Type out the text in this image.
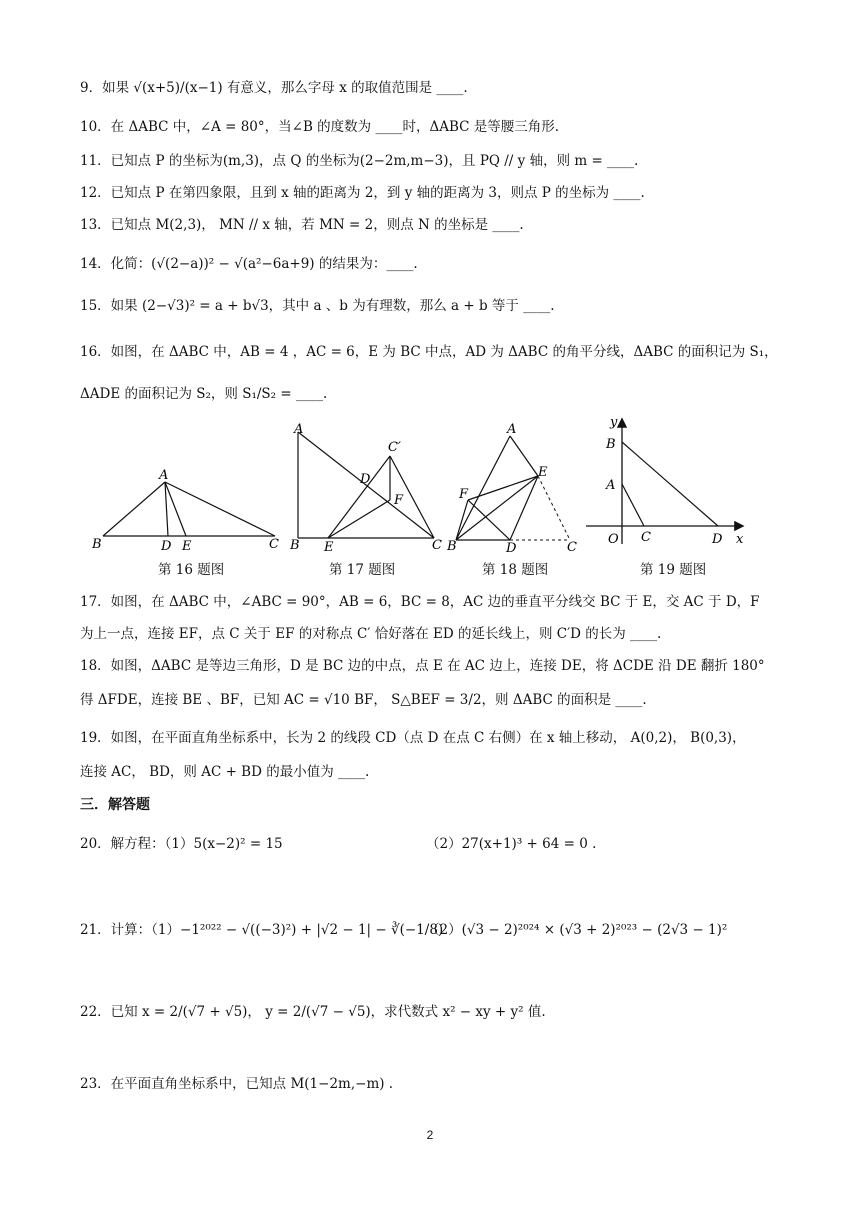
9．如果 √(x+5)/(x−1) 有意义，那么字母 x 的取值范围是 ____.
10．在 ΔABC 中，∠A = 80°，当∠B 的度数为 ____时，ΔABC 是等腰三角形.
11．已知点 P 的坐标为(m,3)，点 Q 的坐标为(2−2m,m−3)，且 PQ // y 轴，则 m = ____.
12．已知点 P 在第四象限，且到 x 轴的距离为 2，到 y 轴的距离为 3，则点 P 的坐标为 ____.
13．已知点 M(2,3)， MN // x 轴，若 MN = 2，则点 N 的坐标是 ____.
14．化简：(√(2−a))² − √(a²−6a+9) 的结果为：____.
15．如果 (2−√3)² = a + b√3，其中 a 、b 为有理数，那么 a + b 等于 ____.
16．如图，在 ΔABC 中，AB = 4 ，AC = 6，E 为 BC 中点，AD 为 ΔABC 的角平分线，ΔABC 的面积记为 S₁，
ΔADE 的面积记为 S₂，则 S₁/S₂ = ____.
A
B	C
D E
第 16 题图
A
C′
D
F
B E	C
第 17 题图
A
E
F
B	D	C
第 18 题图
y
B
A
O C	D x
第 19 题图
17．如图，在 ΔABC 中，∠ABC = 90°，AB = 6，BC = 8，AC 边的垂直平分线交 BC 于 E，交 AC 于 D，F
为上一点，连接 EF，点 C 关于 EF 的对称点 C′ 恰好落在 ED 的延长线上，则 C′D 的长为 ____.
18．如图，ΔABC 是等边三角形，D 是 BC 边的中点，点 E 在 AC 边上，连接 DE，将 ΔCDE 沿 DE 翻折 180°
得 ΔFDE，连接 BE 、BF，已知 AC = √10 BF， S△BEF = 3/2，则 ΔABC 的面积是 ____.
19．如图，在平面直角坐标系中，长为 2 的线段 CD（点 D 在点 C 右侧）在 x 轴上移动， A(0,2)， B(0,3)，
连接 AC， BD，则 AC + BD 的最小值为 ____.
三．解答题
20．解方程：（1）5(x−2)² = 15	（2）27(x+1)³ + 64 = 0 .
21．计算：（1）−1²⁰²² − √((−3)²) + |√2 − 1| − ∛(−1/8)
（2）(√3 − 2)²⁰²⁴ × (√3 + 2)²⁰²³ − (2√3 − 1)²
22．已知 x = 2/(√7 + √5)， y = 2/(√7 − √5)，求代数式 x² − xy + y² 值.
23．在平面直角坐标系中，已知点 M(1−2m,−m) .
2
